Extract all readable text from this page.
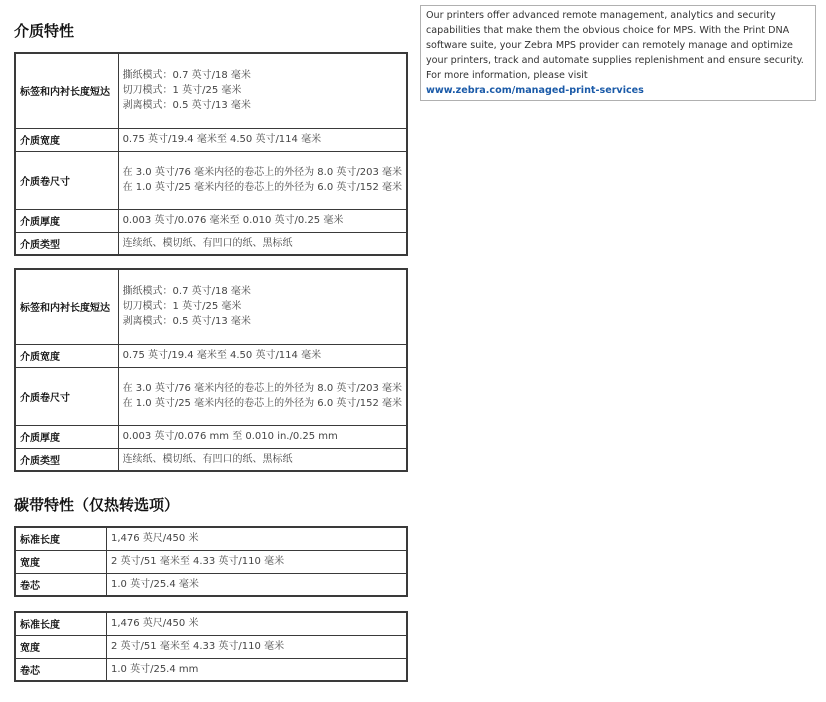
Our printers offer advanced remote management, analytics and security capabilities that make them the obvious choice for MPS. With the Print DNA software suite, your Zebra MPS provider can remotely manage and optimize your printers, track and automate supplies replenishment and ensure security. For more information, please visit
www.zebra.com/managed-print-services
介质特性
标签和内衬长度短达	撕纸模式：0.7 英寸/18 毫米
切刀模式：1 英寸/25 毫米
剥离模式：0.5 英寸/13 毫米

介质宽度	0.75 英寸/19.4 毫米至 4.50 英寸/114 毫米

介质卷尺寸	在 3.0 英寸/76 毫米内径的卷芯上的外径为 8.0 英寸/203 毫米
在 1.0 英寸/25 毫米内径的卷芯上的外径为 6.0 英寸/152 毫米

介质厚度	0.003 英寸/0.076 毫米至 0.010 英寸/0.25 毫米

介质类型	连续纸、模切纸、有凹口的纸、黑标纸
标签和内衬长度短达	撕纸模式：0.7 英寸/18 毫米
切刀模式：1 英寸/25 毫米
剥离模式：0.5 英寸/13 毫米

介质宽度	0.75 英寸/19.4 毫米至 4.50 英寸/114 毫米

介质卷尺寸	在 3.0 英寸/76 毫米内径的卷芯上的外径为 8.0 英寸/203 毫米
在 1.0 英寸/25 毫米内径的卷芯上的外径为 6.0 英寸/152 毫米

介质厚度	0.003 英寸/0.076 mm 至 0.010 in./0.25 mm

介质类型	连续纸、模切纸、有凹口的纸、黑标纸
碳带特性（仅热转选项）
标准长度	1,476 英尺/450 米

宽度	2 英寸/51 毫米至 4.33 英寸/110 毫米

卷芯	1.0 英寸/25.4 毫米
标准长度	1,476 英尺/450 米

宽度	2 英寸/51 毫米至 4.33 英寸/110 毫米

卷芯	1.0 英寸/25.4 mm
